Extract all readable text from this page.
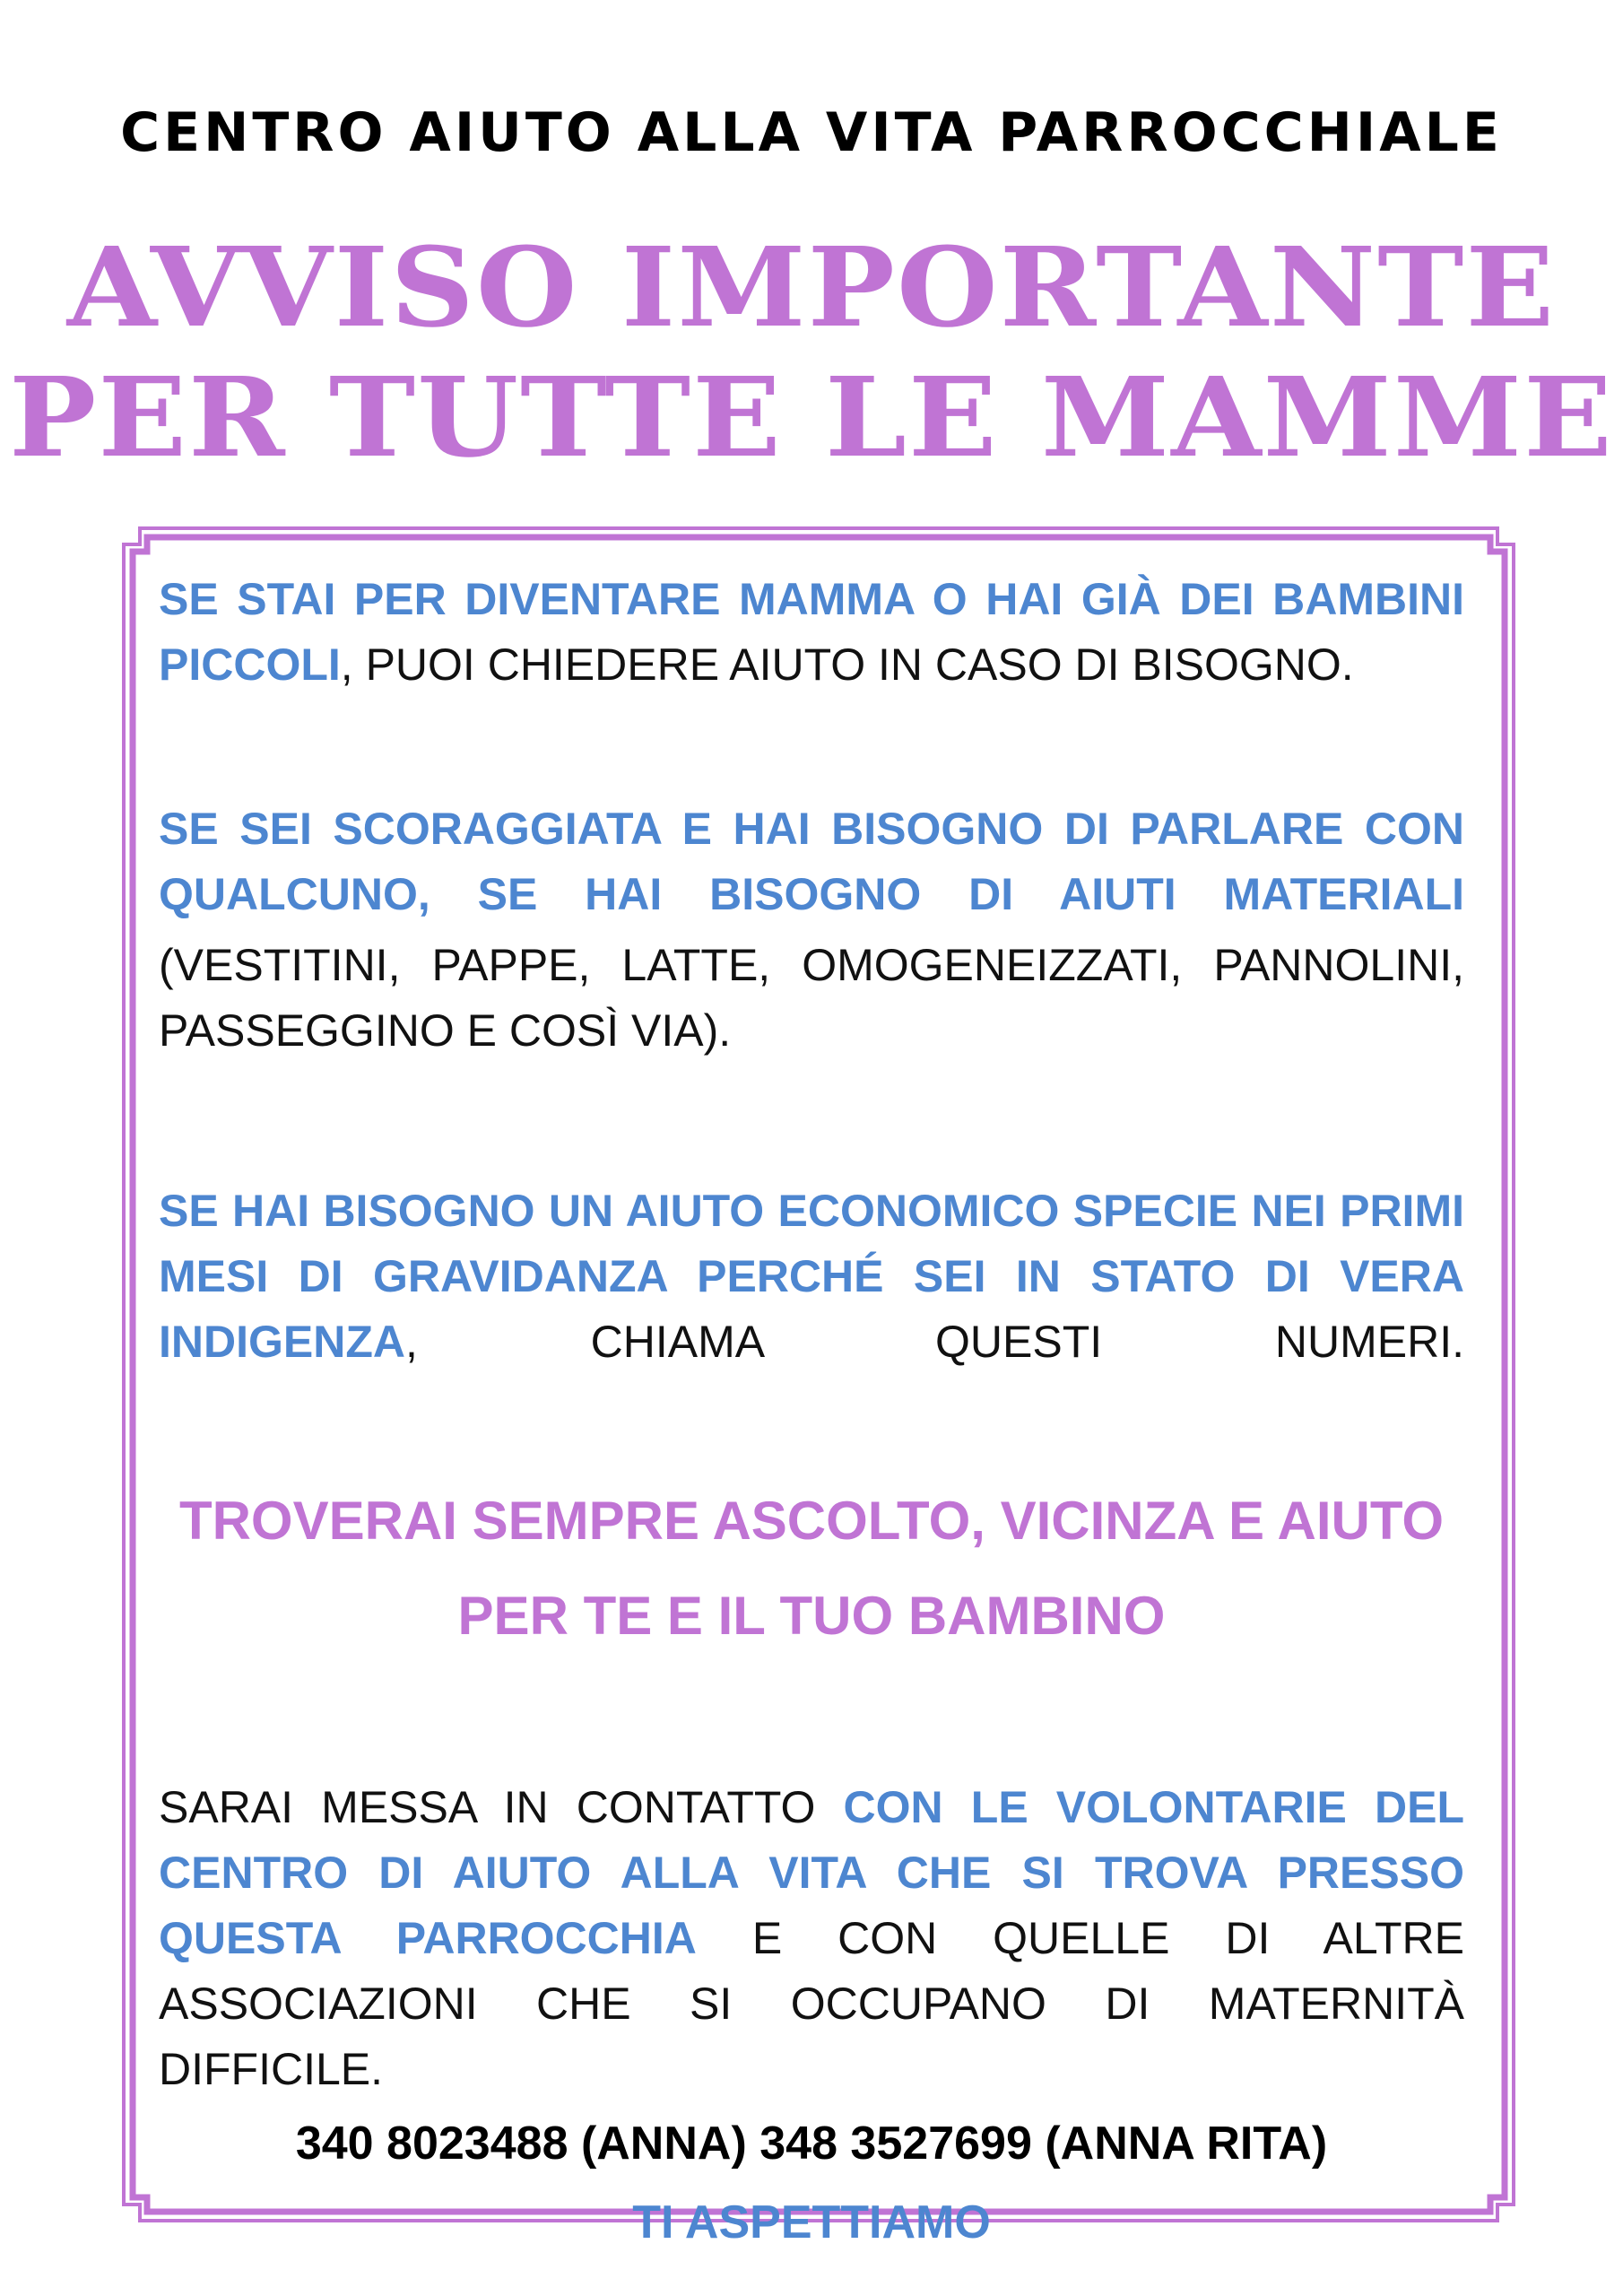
CENTRO AIUTO ALLA VITA PARROCCHIALE
AVVISO IMPORTANTE
PER TUTTE LE MAMME

SE STAI PER DIVENTARE MAMMA O HAI GIÀ DEI BAMBINI PICCOLI, PUOI CHIEDERE AIUTO IN CASO DI BISOGNO.

SE SEI SCORAGGIATA E HAI BISOGNO DI PARLARE CON QUALCUNO, SE HAI BISOGNO DI AIUTI MATERIALI

(VESTITINI, PAPPE, LATTE, OMOGENEIZZATI, PANNOLINI, PASSEGGINO E COSÌ VIA).

SE HAI BISOGNO UN AIUTO ECONOMICO SPECIE NEI PRIMI MESI DI GRAVIDANZA PERCHÉ SEI IN STATO DI VERA INDIGENZA, CHIAMA QUESTI NUMERI.

TROVERAI SEMPRE ASCOLTO, VICINZA E AIUTO

PER TE E IL TUO BAMBINO

SARAI MESSA IN CONTATTO CON LE VOLONTARIE DEL CENTRO DI AIUTO ALLA VITA CHE SI TROVA PRESSO QUESTA PARROCCHIA E CON QUELLE DI ALTRE ASSOCIAZIONI CHE SI OCCUPANO DI MATERNITÀ DIFFICILE.

340 8023488 (ANNA) 348 3527699 (ANNA RITA)

TI ASPETTIAMO
